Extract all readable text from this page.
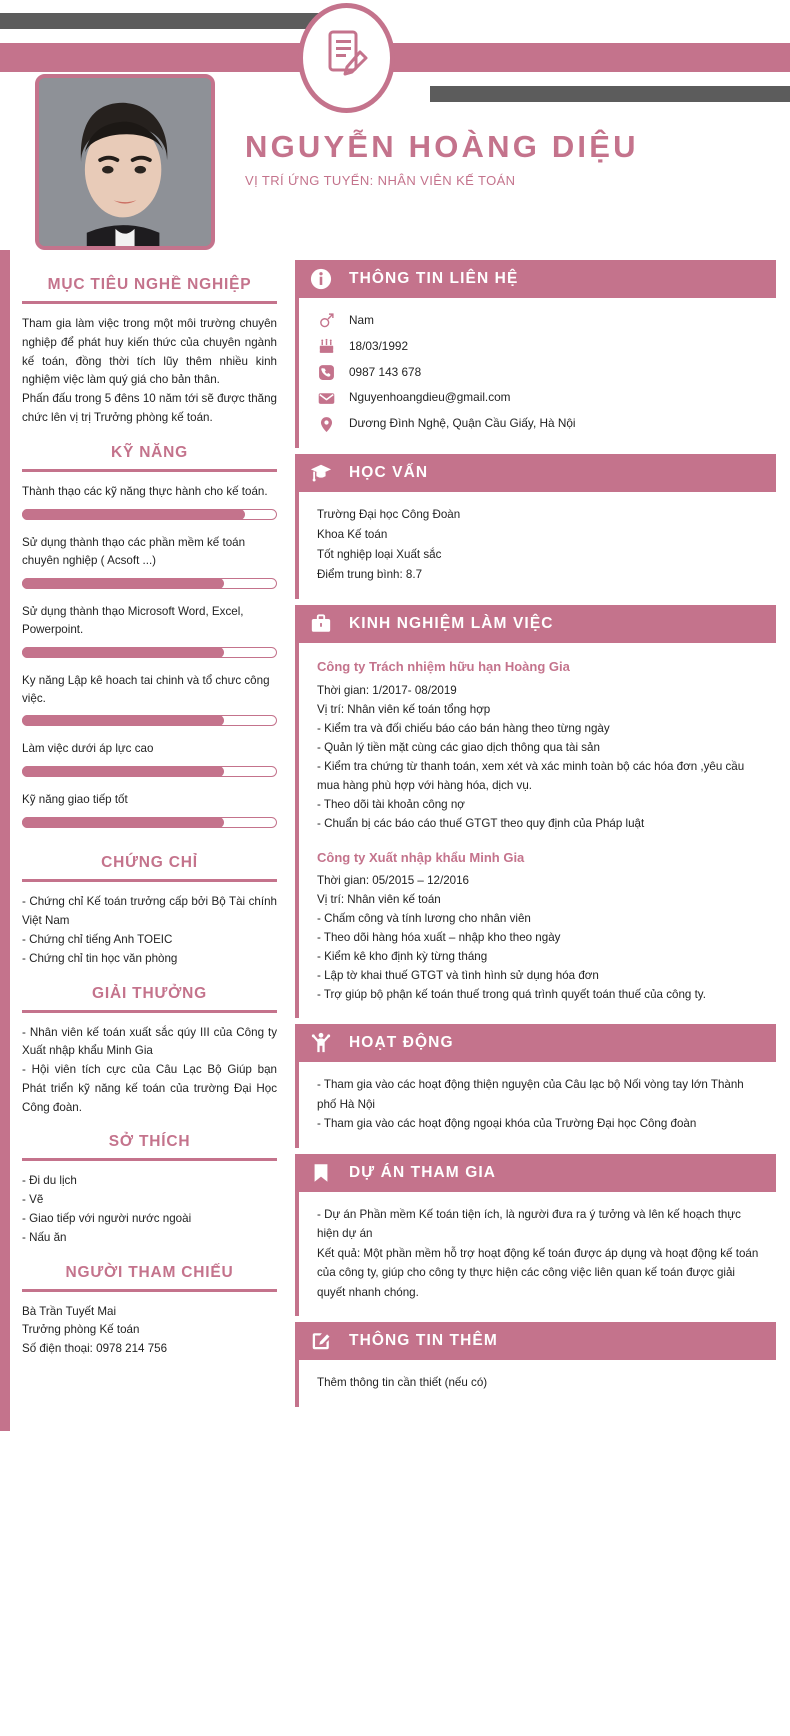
NGUYỄN HOÀNG DIỆU
VỊ TRÍ ỨNG TUYỂN: NHÂN VIÊN KẾ TOÁN
MỤC TIÊU NGHỀ NGHIỆP

Tham gia làm việc trong một môi trường chuyên nghiệp để phát huy kiến thức của chuyên ngành kế toán, đồng thời tích lũy thêm nhiều kinh nghiệm việc làm quý giá cho bản thân.

Phấn đấu trong 5 đêns 10 năm tới sẽ được thăng chức lên vị trị Trưởng phòng kế toán.

KỸ NĂNG
Thành thạo các kỹ năng thực hành cho kế toán.
Sử dụng thành thạo các phần mềm kế toán chuyên nghiệp ( Acsoft ...)
Sử dụng thành thạo Microsoft Word, Excel, Powerpoint.
Ky năng Lập kê hoach tai chinh và tổ chưc công việc.
Làm việc dưới áp lực cao
Kỹ năng giao tiếp tốt
CHỨNG CHỈ

- Chứng chỉ Kế toán trưởng cấp bởi Bộ Tài chính Việt Nam

- Chứng chỉ tiếng Anh TOEIC

- Chứng chỉ tin học văn phòng

GIẢI THƯỞNG

- Nhân viên kế toán xuất sắc qúy III của Công ty Xuất nhập khẩu Minh Gia

- Hội viên tích cực của Câu Lạc Bộ Giúp bạn Phát triển kỹ năng kế toán của trường Đại Học Công đoàn.

SỞ THÍCH

- Đi du lịch

- Vẽ

- Giao tiếp với người nước ngoài

- Nấu ăn

NGƯỜI THAM CHIẾU

Bà Trần Tuyết Mai

Trưởng phòng Kế toán

Số điện thoại: 0978 214 756

THÔNG TIN LIÊN HỆ
Nam
18/03/1992
0987 143 678
Nguyenhoangdieu@gmail.com
Dương Đình Nghệ, Quận Cầu Giấy, Hà Nội
HỌC VẤN
Trường Đại học Công Đoàn
Khoa Kế toán
Tốt nghiệp loại Xuất sắc
Điểm trung bình: 8.7
KINH NGHIỆM LÀM VIỆC
Công ty Trách nhiệm hữu hạn Hoàng Gia
Thời gian: 1/2017- 08/2019
Vị trí: Nhân viên kế toán tổng hợp
- Kiểm tra và đối chiếu báo cáo bán hàng theo từng ngày
- Quản lý tiền mặt cùng các giao dịch thông qua tài sản
- Kiểm tra chứng từ thanh toán, xem xét và xác minh toàn bộ các hóa đơn ,yêu cầu mua hàng phù hợp với hàng hóa, dịch vụ.
- Theo dõi tài khoản công nợ
- Chuẩn bị các báo cáo thuế GTGT theo quy định của Pháp luật
Công ty Xuất nhập khẩu Minh Gia
Thời gian: 05/2015 – 12/2016
Vị trí: Nhân viên kế toán
- Chấm công và tính lương cho nhân viên
- Theo dõi hàng hóa xuất – nhập kho theo ngày
- Kiểm kê kho định kỳ từng tháng
- Lập tờ khai thuế GTGT và tình hình sử dụng hóa đơn
- Trợ giúp bộ phận kế toán thuế trong quá trình quyết toán thuế của công ty.
HOẠT ĐỘNG
- Tham gia vào các hoạt động thiện nguyện của Câu lạc bộ Nối vòng tay lớn Thành phố Hà Nội
- Tham gia vào các hoạt động ngoại khóa của Trường Đại học Công đoàn
DỰ ÁN THAM GIA
- Dự án Phần mềm Kế toán tiện ích, là người đưa ra ý tưởng và lên kế hoạch thực hiện dự án
Kết quả: Một phần mềm hỗ trợ hoạt động kế toán được áp dụng và hoạt động kế toán của công ty, giúp cho công ty thực hiện các công việc liên quan kế toán được giải quyết nhanh chóng.
THÔNG TIN THÊM
Thêm thông tin cần thiết (nếu có)
